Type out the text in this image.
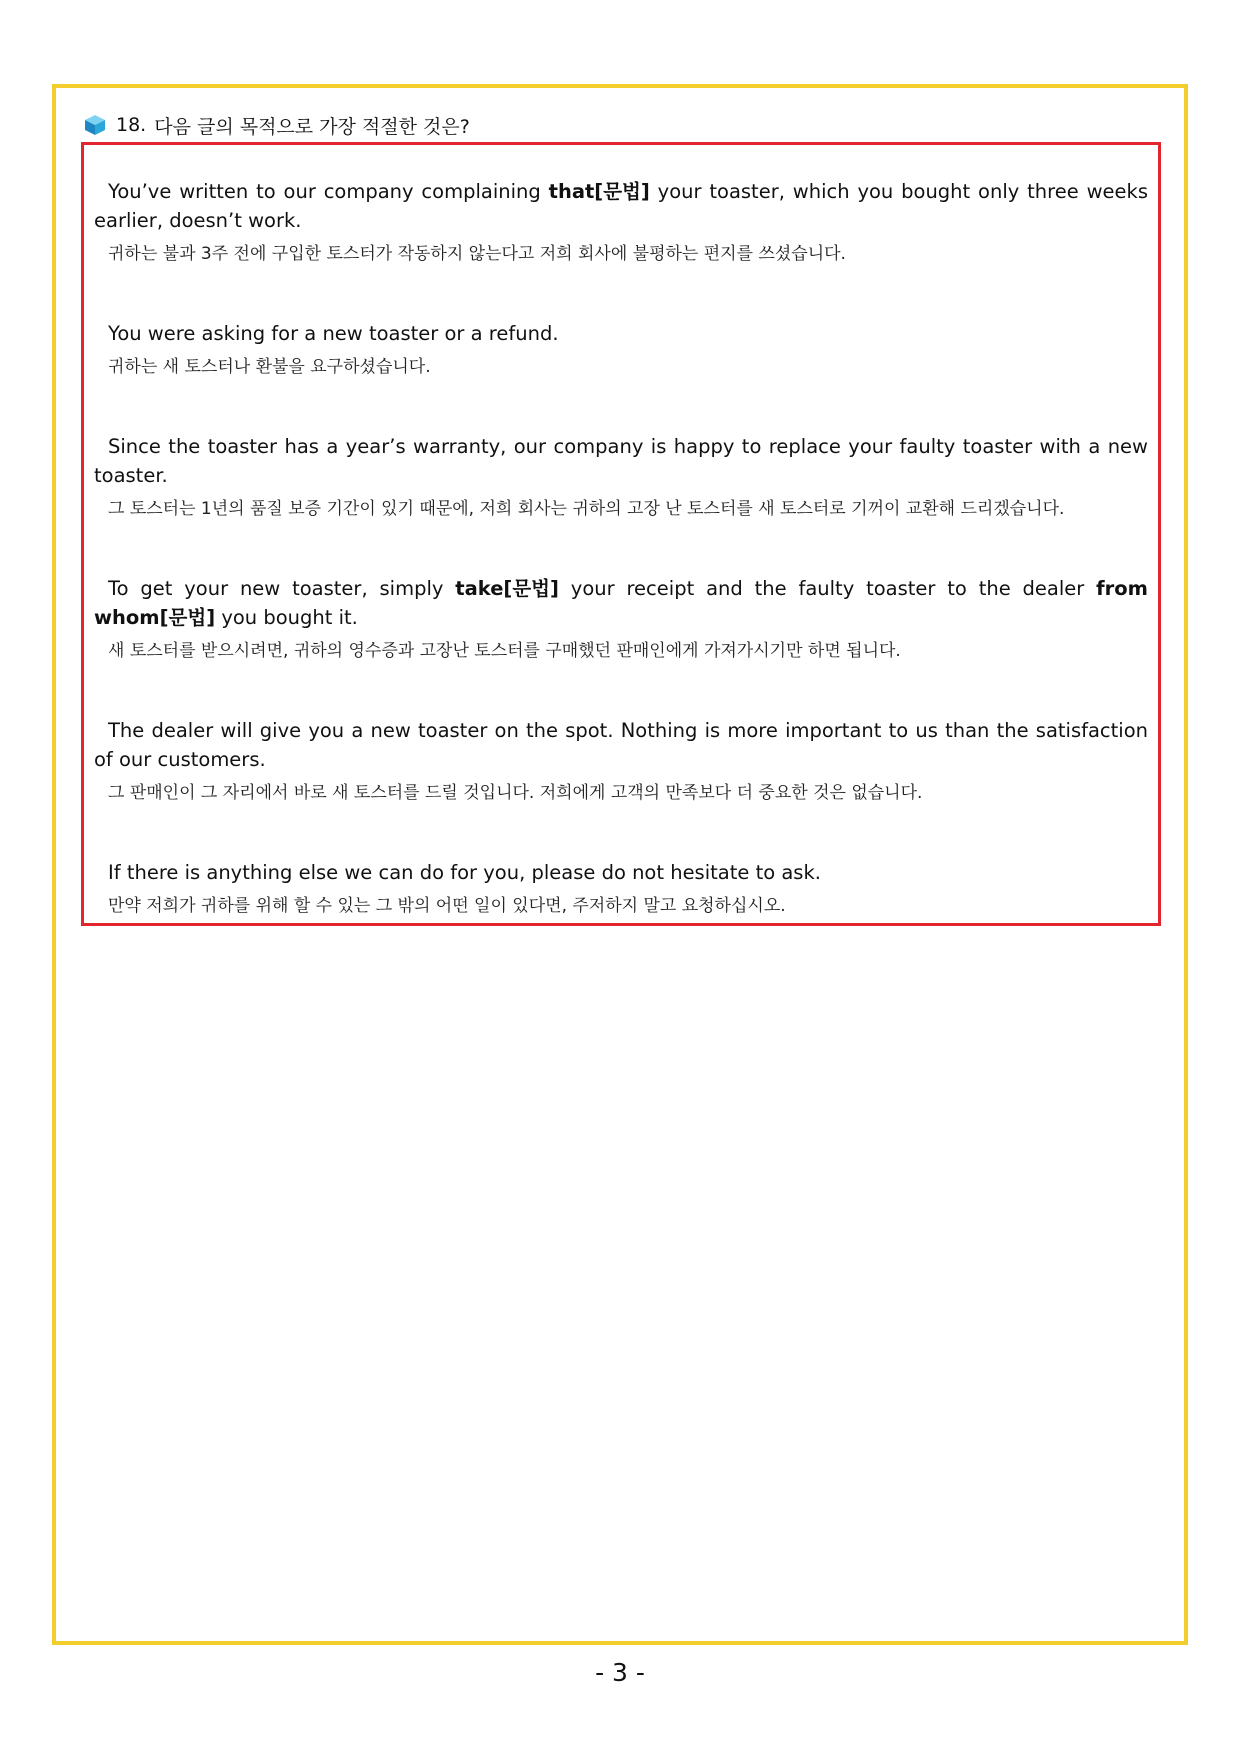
18. 다음 글의 목적으로 가장 적절한 것은?

You’ve written to our company complaining that[문법] your toaster, which you bought only three weeks earlier, doesn’t work.

귀하는 불과 3주 전에 구입한 토스터가 작동하지 않는다고 저희 회사에 불평하는 편지를 쓰셨습니다.

You were asking for a new toaster or a refund.

귀하는 새 토스터나 환불을 요구하셨습니다.

Since the toaster has a year’s warranty, our company is happy to replace your faulty toaster with a new toaster.

그 토스터는 1년의 품질 보증 기간이 있기 때문에, 저희 회사는 귀하의 고장 난 토스터를 새 토스터로 기꺼이 교환해 드리겠습니다.

To get your new toaster, simply take[문법] your receipt and the faulty toaster to the dealer from whom[문법] you bought it.

새 토스터를 받으시려면, 귀하의 영수증과 고장난 토스터를 구매했던 판매인에게 가져가시기만 하면 됩니다.

The dealer will give you a new toaster on the spot. Nothing is more important to us than the satisfaction of our customers.

그 판매인이 그 자리에서 바로 새 토스터를 드릴 것입니다. 저희에게 고객의 만족보다 더 중요한 것은 없습니다.

If there is anything else we can do for you, please do not hesitate to ask.

만약 저희가 귀하를 위해 할 수 있는 그 밖의 어떤 일이 있다면, 주저하지 말고 요청하십시오.

- 3 -
